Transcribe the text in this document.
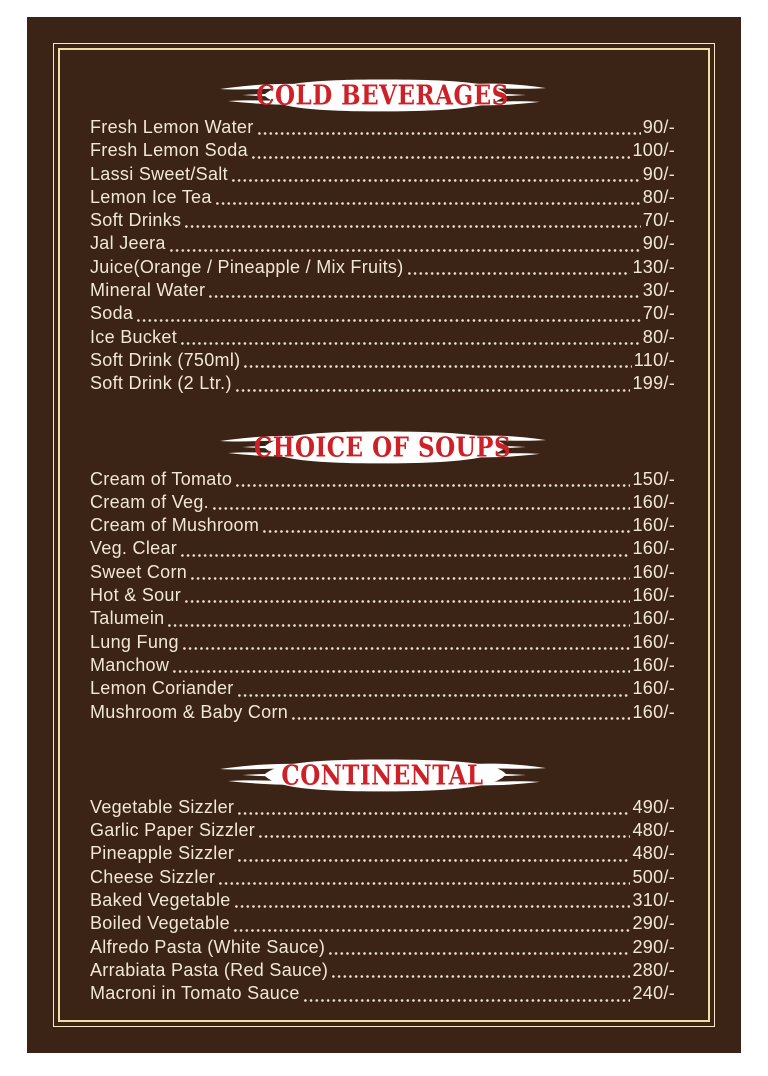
COLD BEVERAGES
Fresh Lemon Water	90/-
Fresh Lemon Soda	100/-
Lassi Sweet/Salt	90/-
Lemon Ice Tea	80/-
Soft Drinks	70/-
Jal Jeera	90/-
Juice(Orange / Pineapple / Mix Fruits)	130/-
Mineral Water	30/-
Soda	70/-
Ice Bucket	80/-
Soft Drink (750ml)	110/-
Soft Drink (2 Ltr.)	199/-
CHOICE OF SOUPS
Cream of Tomato	150/-
Cream of Veg.	160/-
Cream of Mushroom	160/-
Veg. Clear	160/-
Sweet Corn	160/-
Hot & Sour	160/-
Talumein	160/-
Lung Fung	160/-
Manchow	160/-
Lemon Coriander	160/-
Mushroom & Baby Corn	160/-
CONTINENTAL
Vegetable Sizzler	490/-
Garlic Paper Sizzler	480/-
Pineapple Sizzler	480/-
Cheese Sizzler	500/-
Baked Vegetable	310/-
Boiled Vegetable	290/-
Alfredo Pasta (White Sauce)	290/-
Arrabiata Pasta (Red Sauce)	280/-
Macroni in Tomato Sauce	240/-
